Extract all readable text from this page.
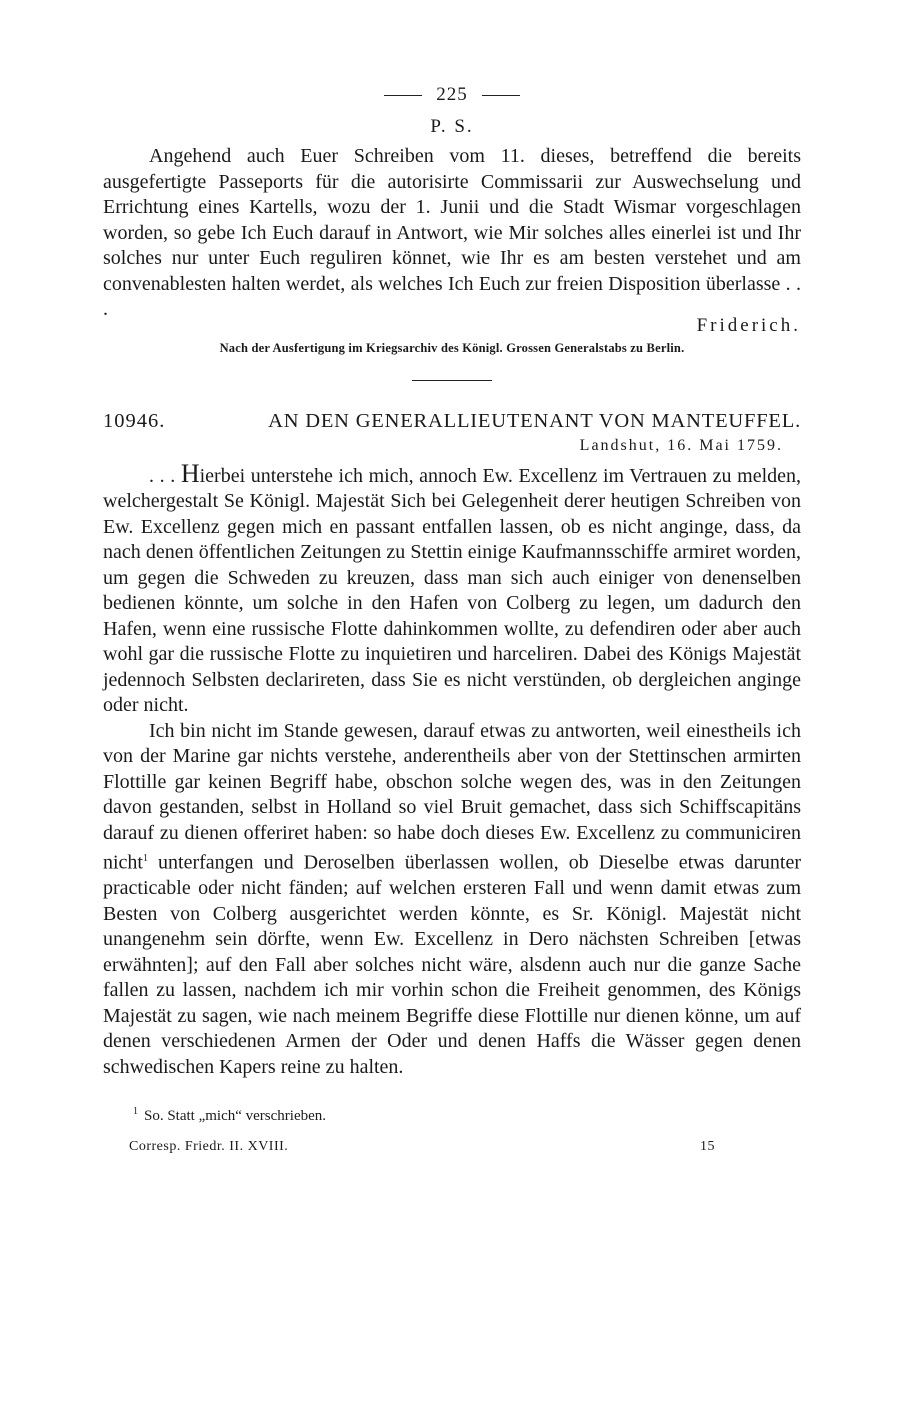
225
P. S.

Angehend auch Euer Schreiben vom 11. dieses, betreffend die bereits ausgefertigte Passeports für die autorisirte Commissarii zur Auswechselung und Errichtung eines Kartells, wozu der 1. Junii und die Stadt Wismar vorgeschlagen worden, so gebe Ich Euch darauf in Antwort, wie Mir solches alles einerlei ist und Ihr solches nur unter Euch reguliren könnet, wie Ihr es am besten verstehet und am convenablesten halten werdet, als welches Ich Euch zur freien Disposition überlasse . . .

Friderich.
Nach der Ausfertigung im Kriegsarchiv des Königl. Grossen Generalstabs zu Berlin.
10946.	AN DEN GENERALLIEUTENANT VON MANTEUFFEL.
Landshut, 16. Mai 1759.

. . . Hierbei unterstehe ich mich, annoch Ew. Excellenz im Vertrauen zu melden, welchergestalt Se Königl. Majestät Sich bei Gelegenheit derer heutigen Schreiben von Ew. Excellenz gegen mich en passant entfallen lassen, ob es nicht anginge, dass, da nach denen öffentlichen Zeitungen zu Stettin einige Kaufmannsschiffe armiret worden, um gegen die Schweden zu kreuzen, dass man sich auch einiger von denenselben bedienen könnte, um solche in den Hafen von Colberg zu legen, um dadurch den Hafen, wenn eine russische Flotte dahinkommen wollte, zu defendiren oder aber auch wohl gar die russische Flotte zu inquietiren und harceliren. Dabei des Königs Majestät jedennoch Selbsten declarireten, dass Sie es nicht verstünden, ob dergleichen anginge oder nicht.

Ich bin nicht im Stande gewesen, darauf etwas zu antworten, weil einestheils ich von der Marine gar nichts verstehe, anderentheils aber von der Stettinschen armirten Flottille gar keinen Begriff habe, obschon solche wegen des, was in den Zeitungen davon gestanden, selbst in Holland so viel Bruit gemachet, dass sich Schiffscapitäns darauf zu dienen offeriret haben: so habe doch dieses Ew. Excellenz zu communiciren nicht$^1$ unterfangen und Deroselben überlassen wollen, ob Dieselbe etwas darunter practicable oder nicht fänden; auf welchen ersteren Fall und wenn damit etwas zum Besten von Colberg ausgerichtet werden könnte, es Sr. Königl. Majestät nicht unangenehm sein dörfte, wenn Ew. Excellenz in Dero nächsten Schreiben [etwas erwähnten]; auf den Fall aber solches nicht wäre, alsdenn auch nur die ganze Sache fallen zu lassen, nachdem ich mir vorhin schon die Freiheit genommen, des Königs Majestät zu sagen, wie nach meinem Begriffe diese Flottille nur dienen könne, um auf denen verschiedenen Armen der Oder und denen Haffs die Wässer gegen denen schwedischen Kapers reine zu halten.

$^1$ So. Statt „mich“ verschrieben.
Corresp. Friedr. II. XVIII.	15
